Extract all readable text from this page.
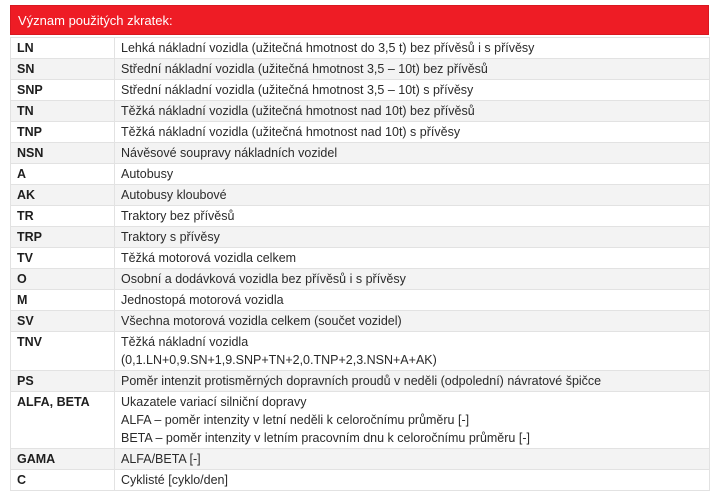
Význam použitých zkratek:
LN	Lehká nákladní vozidla (užitečná hmotnost do 3,5 t) bez přívěsů i s přívěsy

SN	Střední nákladní vozidla (užitečná hmotnost 3,5 – 10t) bez přívěsů

SNP	Střední nákladní vozidla (užitečná hmotnost 3,5 – 10t) s přívěsy

TN	Těžká nákladní vozidla (užitečná hmotnost nad 10t) bez přívěsů

TNP	Těžká nákladní vozidla (užitečná hmotnost nad 10t) s přívěsy

NSN	Návěsové soupravy nákladních vozidel

A	Autobusy

AK	Autobusy kloubové

TR	Traktory bez přívěsů

TRP	Traktory s přívěsy

TV	Těžká motorová vozidla celkem

O	Osobní a dodávková vozidla bez přívěsů i s přívěsy

M	Jednostopá motorová vozidla

SV	Všechna motorová vozidla celkem (součet vozidel)

TNV	Těžká nákladní vozidla
(0,1.LN+0,9.SN+1,9.SNP+TN+2,0.TNP+2,3.NSN+A+AK)

PS	Poměr intenzit protisměrných dopravních proudů v neděli (odpolední) návratové špičce

ALFA, BETA	Ukazatele variací silniční dopravy
ALFA – poměr intenzity v letní neděli k celoročnímu průměru [-]
BETA – poměr intenzity v letním pracovním dnu k celoročnímu průměru [-]

GAMA	ALFA/BETA [-]

C	Cyklisté [cyklo/den]
